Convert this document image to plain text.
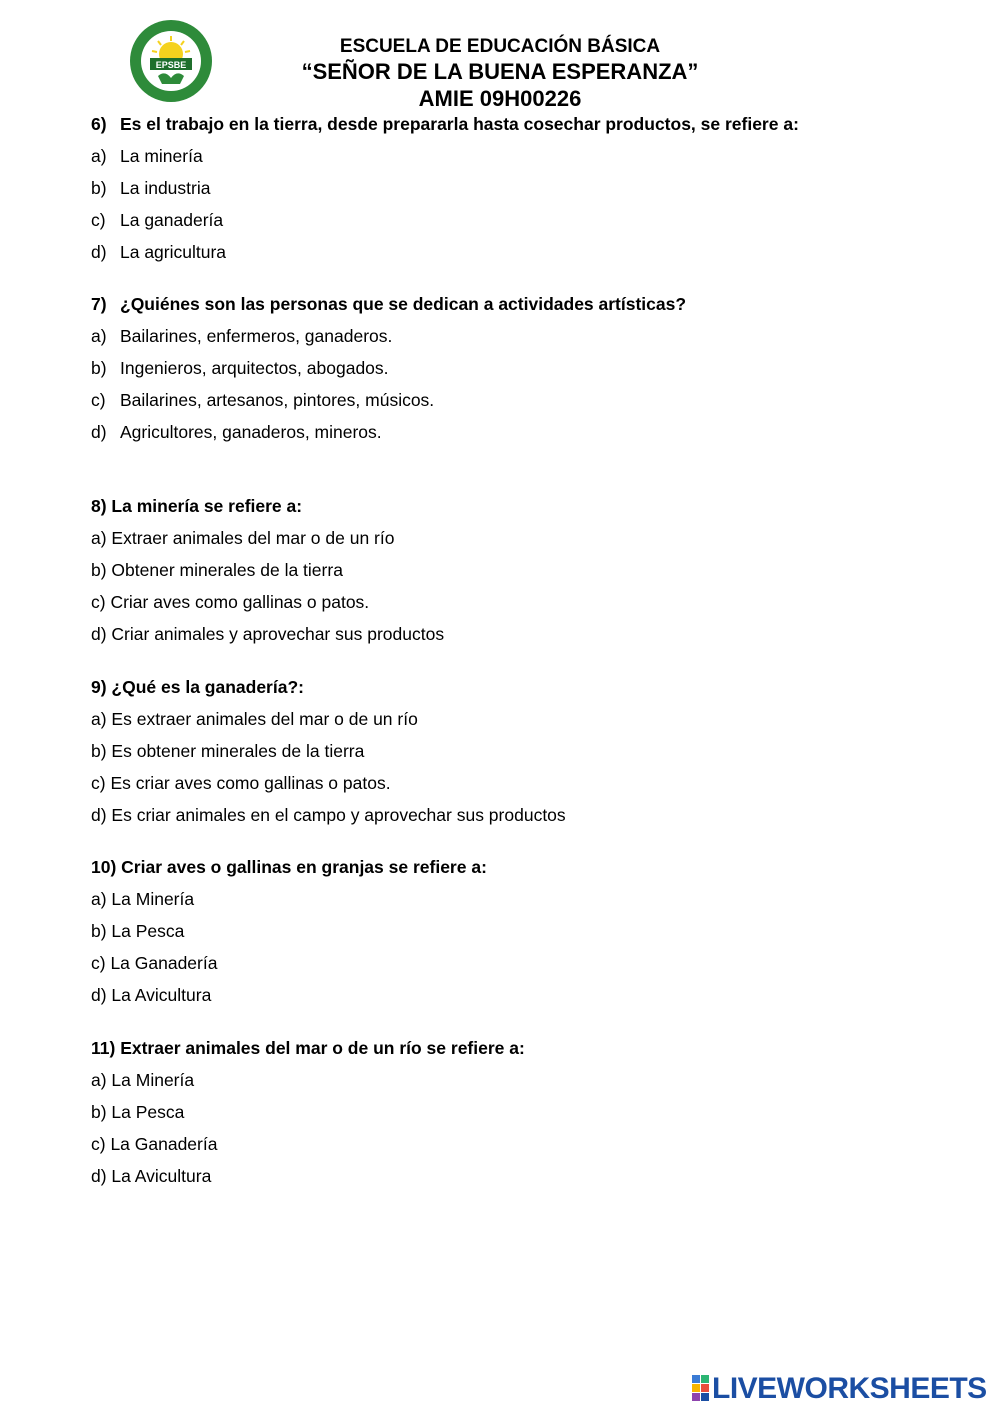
EPSBE
ESCUELA DE EDUCACIÓN BÁSICA
“SEÑOR DE LA BUENA ESPERANZA”
AMIE 09H00226
6) Es el trabajo en la tierra, desde prepararla hasta cosechar productos, se refiere a:
a) La minería
b) La industria
c) La ganadería
d) La agricultura
7) ¿Quiénes son las personas que se dedican a actividades artísticas?
a) Bailarines, enfermeros, ganaderos.
b) Ingenieros, arquitectos, abogados.
c) Bailarines, artesanos, pintores, músicos.
d) Agricultores, ganaderos, mineros.
8) La minería se refiere a:
a) Extraer animales del mar o de un río
b) Obtener minerales de la tierra
c) Criar aves como gallinas o patos.
d) Criar animales y aprovechar sus productos
9) ¿Qué es la ganadería?:
a) Es extraer animales del mar o de un río
b) Es obtener minerales de la tierra
c) Es criar aves como gallinas o patos.
d) Es criar animales en el campo y aprovechar sus productos
10) Criar aves o gallinas en granjas se refiere a:
a) La Minería
b) La Pesca
c) La Ganadería
d) La Avicultura
11) Extraer animales del mar o de un río se refiere a:
a) La Minería
b) La Pesca
c) La Ganadería
d) La Avicultura
LIVEWORKSHEETS
